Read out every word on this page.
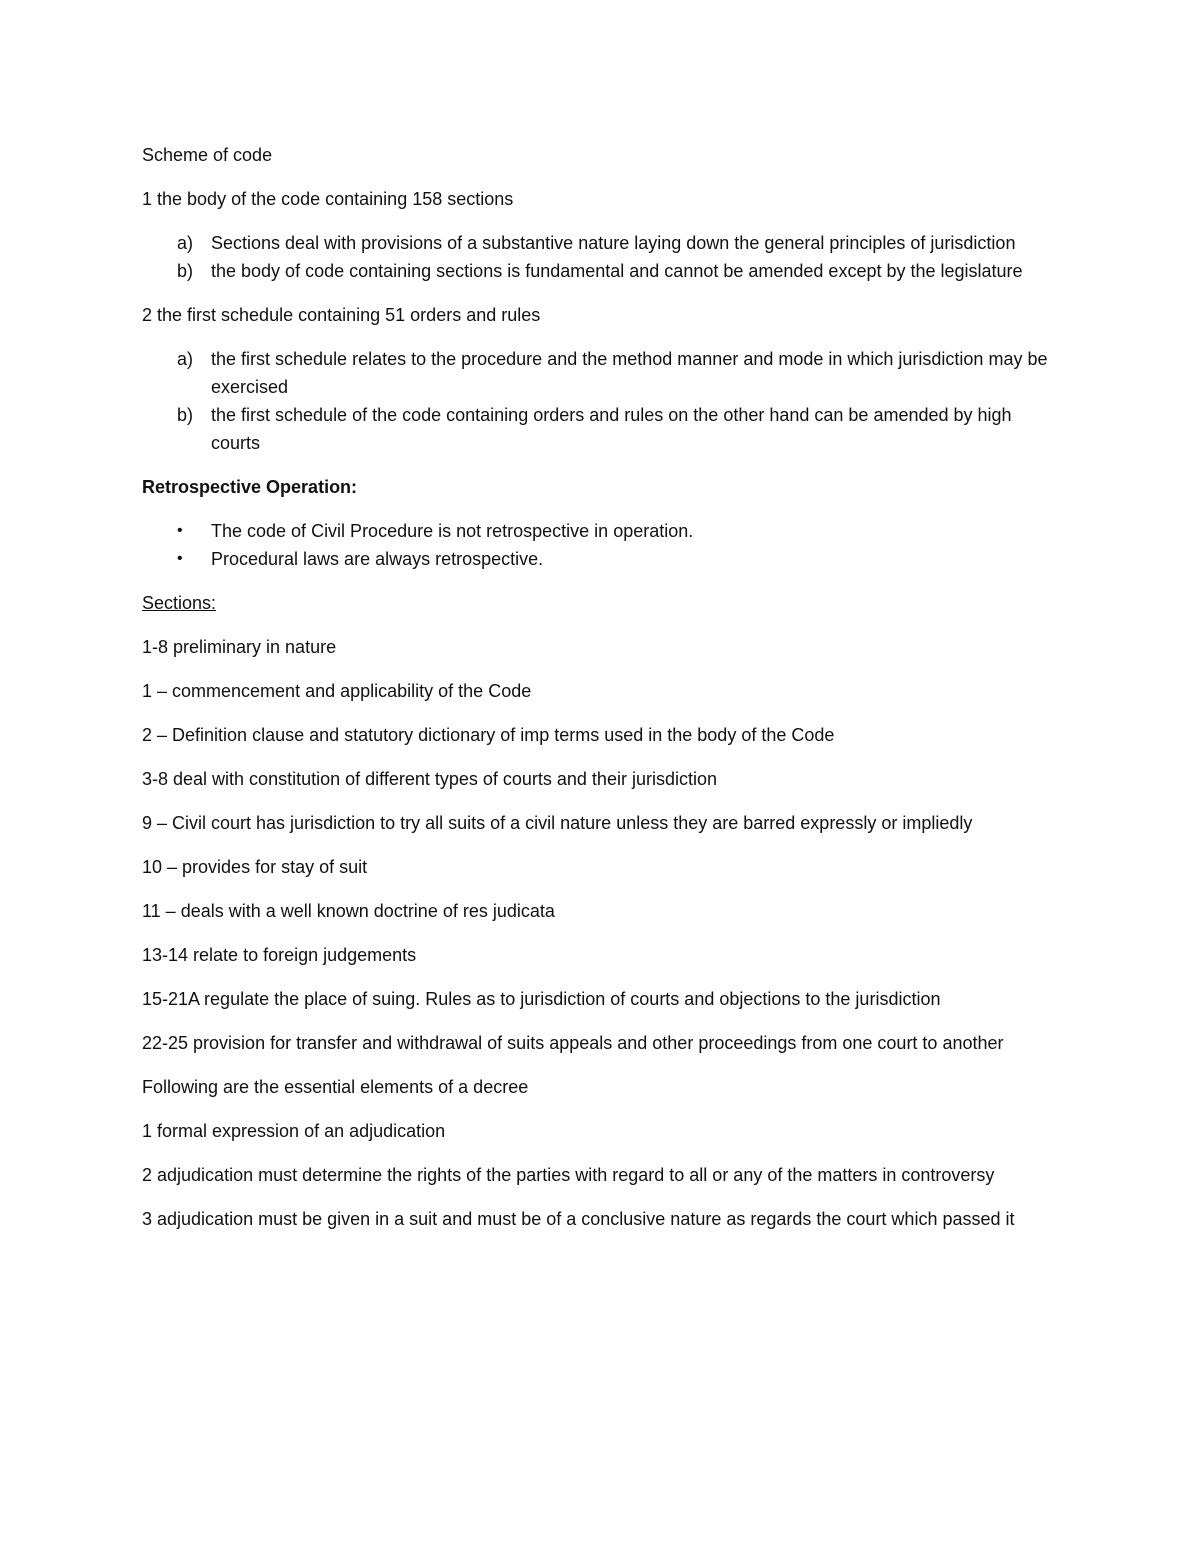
Scheme of code

1 the body of the code containing 158 sections

a) Sections deal with provisions of a substantive nature laying down the general principles of jurisdiction
b) the body of code containing sections is fundamental and cannot be amended except by the legislature

2 the first schedule containing 51 orders and rules

a) the first schedule relates to the procedure and the method manner and mode in which jurisdiction may be exercised
b) the first schedule of the code containing orders and rules on the other hand can be amended by high courts

Retrospective Operation:

• The code of Civil Procedure is not retrospective in operation.
• Procedural laws are always retrospective.

Sections:

1-8 preliminary in nature

1 – commencement and applicability of the Code

2 – Definition clause and statutory dictionary of imp terms used in the body of the Code

3-8 deal with constitution of different types of courts and their jurisdiction

9 – Civil court has jurisdiction to try all suits of a civil nature unless they are barred expressly or impliedly

10 – provides for stay of suit

11 – deals with a well known doctrine of res judicata

13-14 relate to foreign judgements

15-21A regulate the place of suing. Rules as to jurisdiction of courts and objections to the jurisdiction

22-25 provision for transfer and withdrawal of suits appeals and other proceedings from one court to another

Following are the essential elements of a decree

1 formal expression of an adjudication

2 adjudication must determine the rights of the parties with regard to all or any of the matters in controversy

3 adjudication must be given in a suit and must be of a conclusive nature as regards the court which passed it
